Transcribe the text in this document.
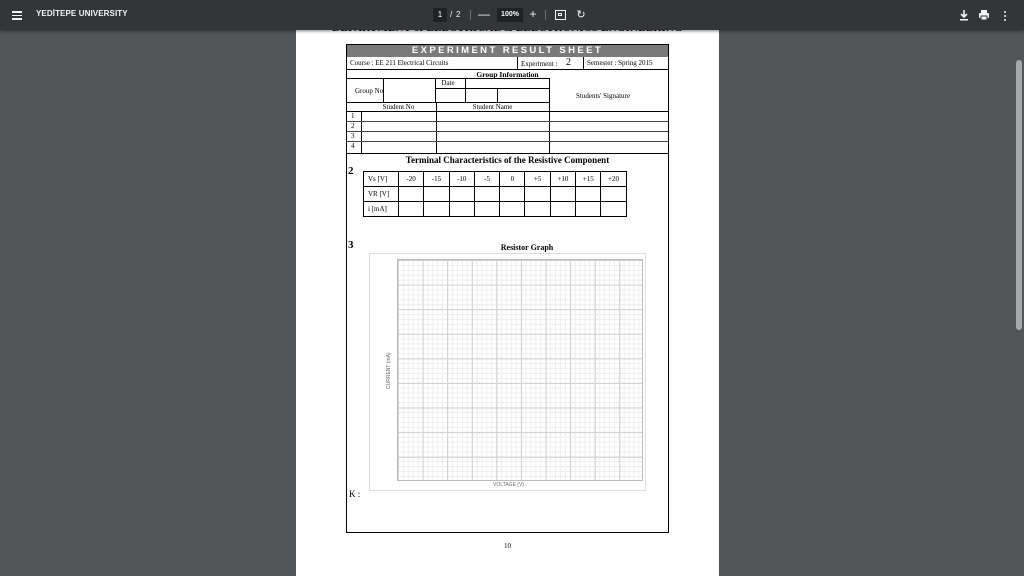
YEDİTEPE UNIVERSITY	1 / 2 —	100% +	↻
EXPERIMENT RESULT SHEET
Course : EE 211 Electrical Circuits	Experiment : 2 Semester : Spring 2015
Group Information
Date
Group No
Students' Signature
Student No	Student Name
1
2
3
4
2
Terminal Characteristics of the Resistive Component
Vs [V]	-20	-15	-10	-5	0	+5	+10	+15	+20
VR [V]									
i [mA]									
3	Resistor Graph
CURRENT (mA)
VOLTAGE (V)
K :
10
